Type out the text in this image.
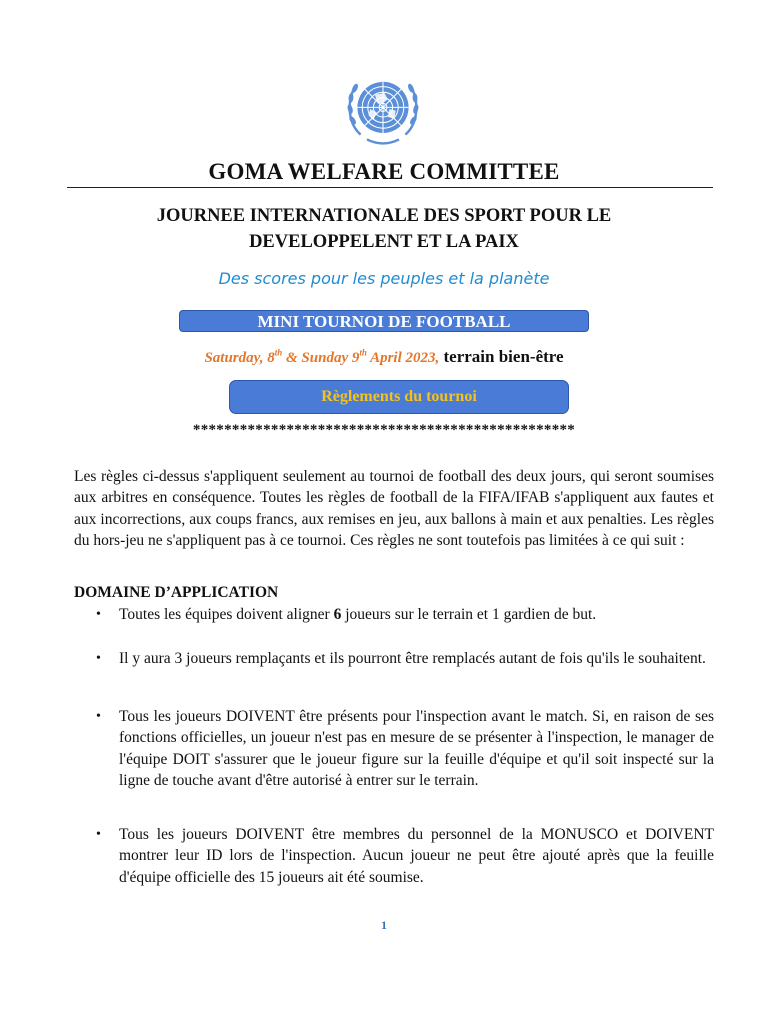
GOMA WELFARE COMMITTEE
JOURNEE INTERNATIONALE DES SPORT POUR LE
DEVELOPPELENT ET LA PAIX
Des scores pour les peuples et la planète
MINI TOURNOI DE FOOTBALL
Saturday, 8th & Sunday 9th April 2023, terrain bien-être
Règlements du tournoi
*************************************************
Les règles ci-dessus s'appliquent seulement au tournoi de football des deux jours, qui seront soumises aux arbitres en conséquence. Toutes les règles de football de la FIFA/IFAB s'appliquent aux fautes et aux incorrections, aux coups francs, aux remises en jeu, aux ballons à main et aux penalties. Les règles du hors-jeu ne s'appliquent pas à ce tournoi. Ces règles ne sont toutefois pas limitées à ce qui suit :
DOMAINE D’APPLICATION
• Toutes les équipes doivent aligner 6 joueurs sur le terrain et 1 gardien de but.
• Il y aura 3 joueurs remplaçants et ils pourront être remplacés autant de fois qu'ils le souhaitent.
• Tous les joueurs DOIVENT être présents pour l'inspection avant le match. Si, en raison de ses fonctions officielles, un joueur n'est pas en mesure de se présenter à l'inspection, le manager de l'équipe DOIT s'assurer que le joueur figure sur la feuille d'équipe et qu'il soit inspecté sur la ligne de touche avant d'être autorisé à entrer sur le terrain.
• Tous les joueurs DOIVENT être membres du personnel de la MONUSCO et DOIVENT montrer leur ID lors de l'inspection. Aucun joueur ne peut être ajouté après que la feuille d'équipe officielle des 15 joueurs ait été soumise.
1
